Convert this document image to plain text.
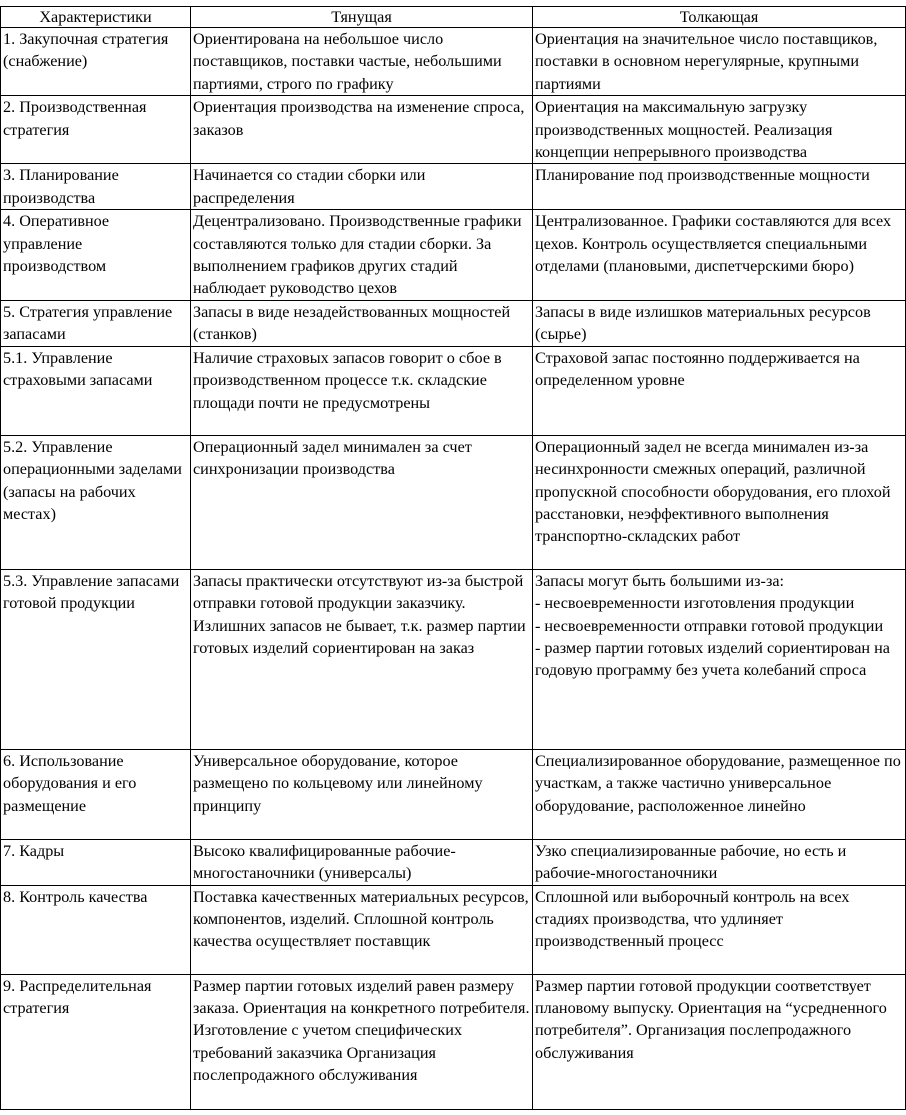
Характеристики	Тянущая	Толкающая
1. Закупочная стратегия (снабжение)	Ориентирована на небольшое число поставщиков, поставки частые, небольшими партиями, строго по графику	Ориентация на значительное число поставщиков, поставки в основном нерегулярные, крупными партиями
2. Производственная стратегия	Ориентация производства на изменение спроса, заказов	Ориентация на максимальную загрузку производственных мощностей. Реализация концепции непрерывного производства
3. Планирование производства	Начинается со стадии сборки или распределения	Планирование под производственные мощности
4. Оперативное управление производством	Децентрализовано. Производственные графики составляются только для стадии сборки. За выполнением графиков других стадий наблюдает руководство цехов	Централизованное. Графики составляются для всех цехов. Контроль осуществляется специальными отделами (плановыми, диспетчерскими бюро)
5. Стратегия управление запасами	Запасы в виде незадействованных мощностей (станков)	Запасы в виде излишков материальных ресурсов (сырье)
5.1. Управление страховыми запасами	Наличие страховых запасов говорит о сбое в производственном процессе т.к. складские площади почти не предусмотрены	Страховой запас постоянно поддерживается на определенном уровне
5.2. Управление операционными заделами (запасы на рабочих местах)	Операционный задел минимален за счет синхронизации производства	Операционный задел не всегда минимален из-за несинхронности смежных операций, различной пропускной способности оборудования, его плохой расстановки, неэффективного выполнения транспортно-складских работ
5.3. Управление запасами готовой продукции	Запасы практически отсутствуют из-за быстрой отправки готовой продукции заказчику. Излишних запасов не бывает, т.к. размер партии готовых изделий сориентирован на заказ	Запасы могут быть большими из-за:
- несвоевременности изготовления продукции
- несвоевременности отправки готовой продукции
- размер партии готовых изделий сориентирован на годовую программу без учета колебаний спроса
6. Использование оборудования и его размещение	Универсальное оборудование, которое размещено по кольцевому или линейному принципу	Специализированное оборудование, размещенное по участкам, а также частично универсальное оборудование, расположенное линейно
7. Кадры	Высоко квалифицированные рабочие-многостаночники (универсалы)	Узко специализированные рабочие, но есть и рабочие-многостаночники
8. Контроль качества	Поставка качественных материальных ресурсов, компонентов, изделий. Сплошной контроль качества осуществляет поставщик	Сплошной или выборочный контроль на всех стадиях производства, что удлиняет производственный процесс
9. Распределительная стратегия	Размер партии готовых изделий равен размеру заказа. Ориентация на конкретного потребителя. Изготовление с учетом специфических требований заказчика Организация послепродажного обслуживания	Размер партии готовой продукции соответствует плановому выпуску. Ориентация на “усредненного потребителя”. Организация послепродажного обслуживания
